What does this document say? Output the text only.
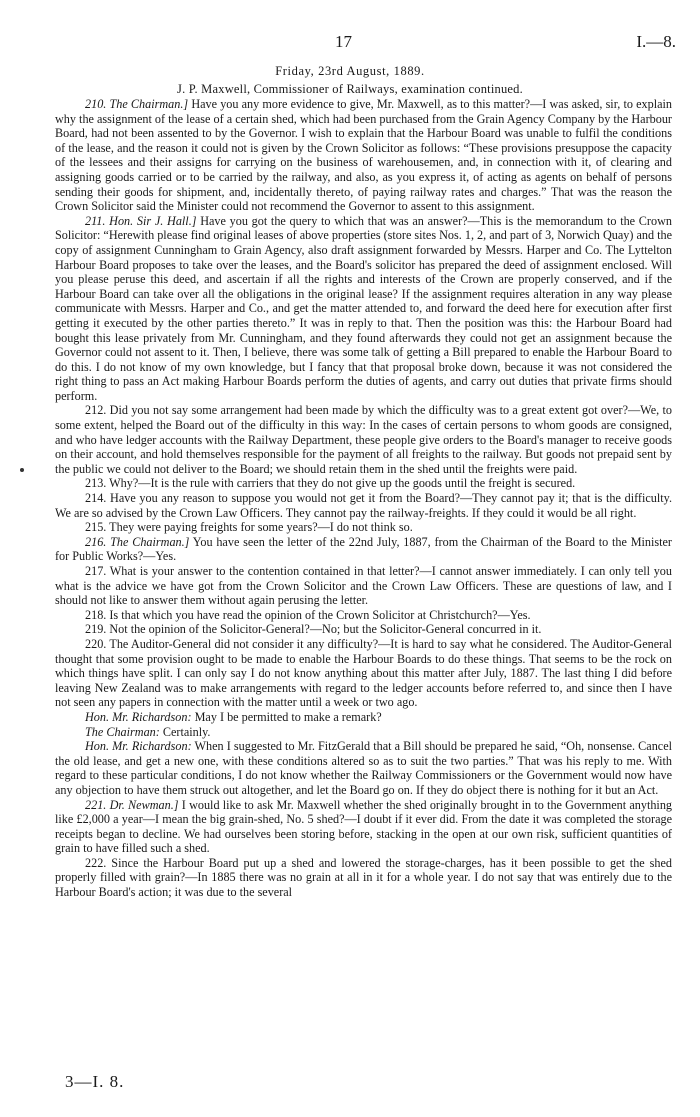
17	I.—8.
Friday, 23rd August, 1889.
J. P. Maxwell, Commissioner of Railways, examination continued.

210. The Chairman.] Have you any more evidence to give, Mr. Maxwell, as to this matter?—I was asked, sir, to explain why the assignment of the lease of a certain shed, which had been purchased from the Grain Agency Company by the Harbour Board, had not been assented to by the Governor. I wish to explain that the Harbour Board was unable to fulfil the conditions of the lease, and the reason it could not is given by the Crown Solicitor as follows: “These provisions presuppose the capacity of the lessees and their assigns for carrying on the business of warehousemen, and, in connection with it, of clearing and assigning goods carried or to be carried by the railway, and also, as you express it, of acting as agents on behalf of persons sending their goods for shipment, and, incidentally thereto, of paying railway rates and charges.” That was the reason the Crown Solicitor said the Minister could not recommend the Governor to assent to this assignment.

211. Hon. Sir J. Hall.] Have you got the query to which that was an answer?—This is the memorandum to the Crown Solicitor: “Herewith please find original leases of above properties (store sites Nos. 1, 2, and part of 3, Norwich Quay) and the copy of assignment Cunningham to Grain Agency, also draft assignment forwarded by Messrs. Harper and Co. The Lyttelton Harbour Board proposes to take over the leases, and the Board's solicitor has prepared the deed of assignment enclosed. Will you please peruse this deed, and ascertain if all the rights and interests of the Crown are properly conserved, and if the Harbour Board can take over all the obligations in the original lease? If the assignment requires alteration in any way please communicate with Messrs. Harper and Co., and get the matter attended to, and forward the deed here for execution after first getting it executed by the other parties thereto.” It was in reply to that. Then the position was this: the Harbour Board had bought this lease privately from Mr. Cunningham, and they found afterwards they could not get an assignment because the Governor could not assent to it. Then, I believe, there was some talk of getting a Bill prepared to enable the Harbour Board to do this. I do not know of my own knowledge, but I fancy that that proposal broke down, because it was not considered the right thing to pass an Act making Harbour Boards perform the duties of agents, and carry out duties that private firms should perform.

212. Did you not say some arrangement had been made by which the difficulty was to a great extent got over?—We, to some extent, helped the Board out of the difficulty in this way: In the cases of certain persons to whom goods are consigned, and who have ledger accounts with the Railway Department, these people give orders to the Board's manager to receive goods on their account, and hold themselves responsible for the payment of all freights to the railway. But goods not prepaid sent by the public we could not deliver to the Board; we should retain them in the shed until the freights were paid.

213. Why?—It is the rule with carriers that they do not give up the goods until the freight is secured.

214. Have you any reason to suppose you would not get it from the Board?—They cannot pay it; that is the difficulty. We are so advised by the Crown Law Officers. They cannot pay the railway-freights. If they could it would be all right.

215. They were paying freights for some years?—I do not think so.

216. The Chairman.] You have seen the letter of the 22nd July, 1887, from the Chairman of the Board to the Minister for Public Works?—Yes.

217. What is your answer to the contention contained in that letter?—I cannot answer immediately. I can only tell you what is the advice we have got from the Crown Solicitor and the Crown Law Officers. These are questions of law, and I should not like to answer them without again perusing the letter.

218. Is that which you have read the opinion of the Crown Solicitor at Christchurch?—Yes.

219. Not the opinion of the Solicitor-General?—No; but the Solicitor-General concurred in it.

220. The Auditor-General did not consider it any difficulty?—It is hard to say what he considered. The Auditor-General thought that some provision ought to be made to enable the Harbour Boards to do these things. That seems to be the rock on which things have split. I can only say I do not know anything about this matter after July, 1887. The last thing I did before leaving New Zealand was to make arrangements with regard to the ledger accounts before referred to, and since then I have not seen any papers in connection with the matter until a week or two ago.

Hon. Mr. Richardson: May I be permitted to make a remark?

The Chairman: Certainly.

Hon. Mr. Richardson: When I suggested to Mr. FitzGerald that a Bill should be prepared he said, “Oh, nonsense. Cancel the old lease, and get a new one, with these conditions altered so as to suit the two parties.” That was his reply to me. With regard to these particular conditions, I do not know whether the Railway Commissioners or the Government would now have any objection to have them struck out altogether, and let the Board go on. If they do object there is nothing for it but an Act.

221. Dr. Newman.] I would like to ask Mr. Maxwell whether the shed originally brought in to the Government anything like £2,000 a year—I mean the big grain-shed, No. 5 shed?—I doubt if it ever did. From the date it was completed the storage receipts began to decline. We had ourselves been storing before, stacking in the open at our own risk, sufficient quantities of grain to have filled such a shed.

222. Since the Harbour Board put up a shed and lowered the storage-charges, has it been possible to get the shed properly filled with grain?—In 1885 there was no grain at all in it for a whole year. I do not say that was entirely due to the Harbour Board's action; it was due to the several

3—I. 8.
